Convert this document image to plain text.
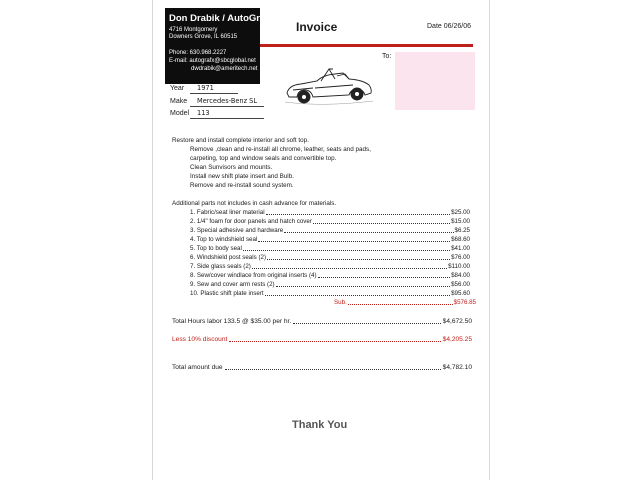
Don Drabik / AutoGrafx®
4716 Montgomery
Downers Grove, IL 60515
Phone: 630.968.2227
E-mail: autografx@sbcglobal.net
dwdrabik@ameritech.net
Invoice	Date 06/26/06
To:
Year 1971
Make Mercedes-Benz SL
Model 113
Restore and install complete interior and soft top.
Remove ,clean and re-install all chrome, leather, seats and pads,
carpeting, top and window seals and convertible top.
Clean Sunvisors and mounts.
Install new shift plate insert and Bulb.
Remove and re-install sound system.
Additional parts not includes in cash advance for materials.
1. Fabric/seat liner material	$25.00
2. 1/4" foam for door panels and hatch cover	$15.00
3. Special adhesive and hardware	$6.25
4. Top to windshield seal	$68.60
5. Top to body seal	$41.00
6. Windshield post seals (2)	$76.00
7. Side glass seals (2)	$110.00
8. Sew/cover windlace from original inserts (4)	$84.00
9. Sew and cover arm rests (2)	$56.00
10. Plastic shift plate insert	$95.60
Sub.	$576.85
Total Hours labor 133.5 @ $35.00 per hr.	$4,672.50
Less 10% discount	$4,205.25
Total amount due	$4,782.10
Thank You
